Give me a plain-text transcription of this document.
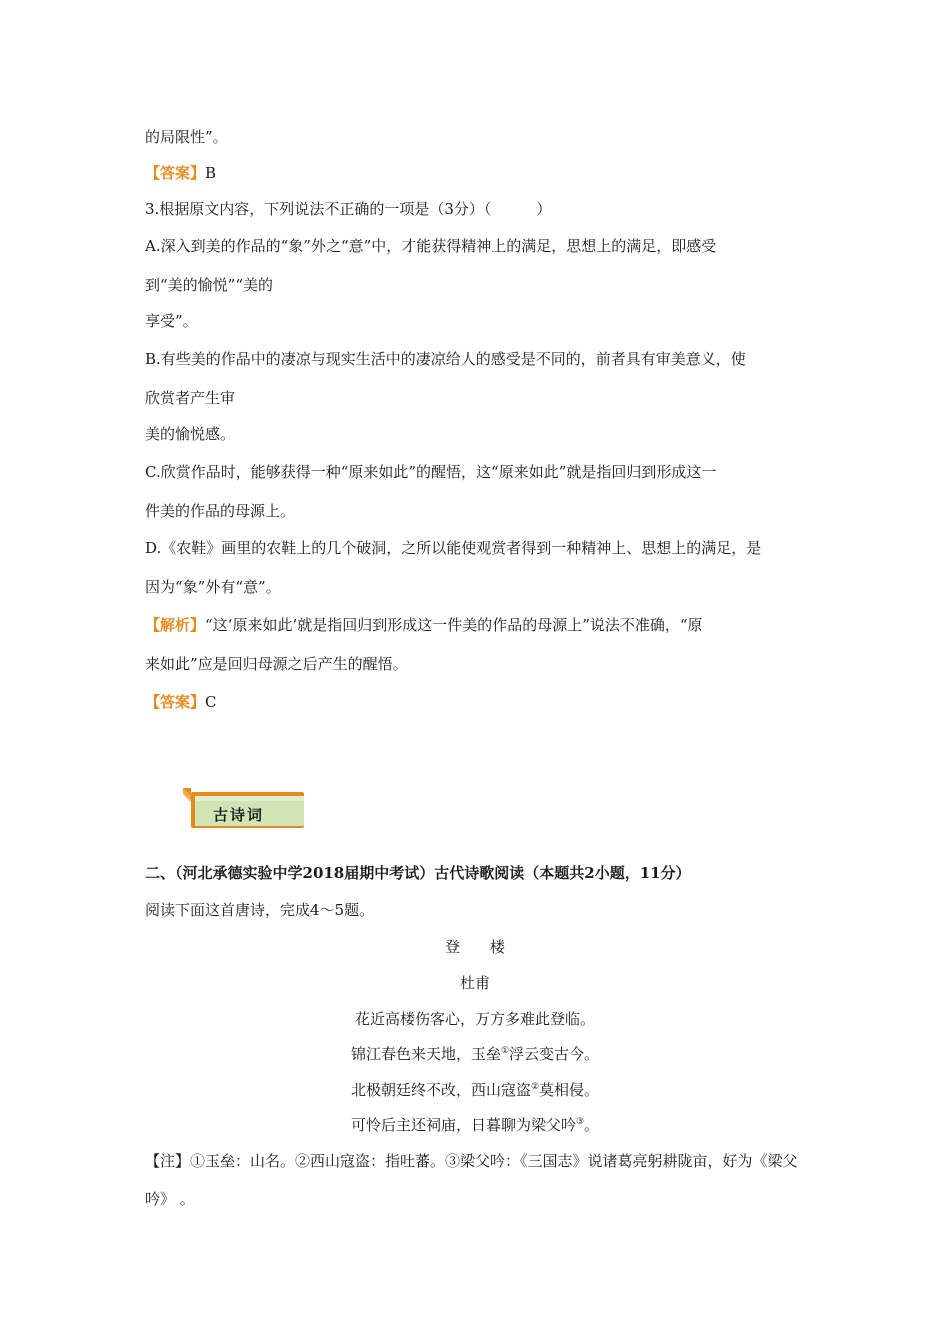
的局限性”。
【答案】B
3.根据原文内容，下列说法不正确的一项是（3分）（　　　）
A.深入到美的作品的“象”外之“意”中，才能获得精神上的满足，思想上的满足，即感受
到“美的愉悦”“美的
享受”。
B.有些美的作品中的凄凉与现实生活中的凄凉给人的感受是不同的，前者具有审美意义，使
欣赏者产生审
美的愉悦感。
C.欣赏作品时，能够获得一种“原来如此”的醒悟，这“原来如此”就是指回归到形成这一
件美的作品的母源上。
D.《农鞋》画里的农鞋上的几个破洞，之所以能使观赏者得到一种精神上、思想上的满足，是
因为“象”外有“意”。
【解析】“这‘原来如此’就是指回归到形成这一件美的作品的母源上”说法不准确，“原
来如此”应是回归母源之后产生的醒悟。
【答案】C
古诗词
二、（河北承德实验中学2018届期中考试）古代诗歌阅读（本题共2小题，11分）
阅读下面这首唐诗，完成4～5题。
登　　楼
杜甫
花近高楼伤客心，万方多难此登临。
锦江春色来天地，玉垒①浮云变古今。
北极朝廷终不改，西山寇盗②莫相侵。
可怜后主还祠庙，日暮聊为梁父吟③。
【注】①玉垒：山名。②西山寇盗：指吐蕃。③梁父吟：《三国志》说诸葛亮躬耕陇亩，好为《梁父
吟》 。
